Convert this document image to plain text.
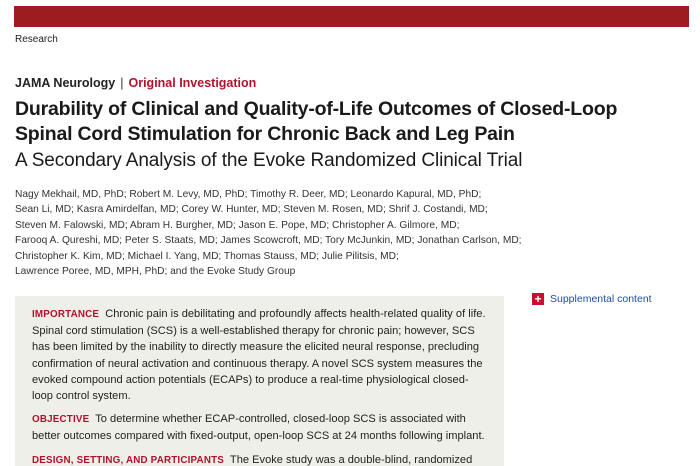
Research
JAMA Neurology | Original Investigation
Durability of Clinical and Quality-of-Life Outcomes of Closed-Loop
Spinal Cord Stimulation for Chronic Back and Leg Pain
A Secondary Analysis of the Evoke Randomized Clinical Trial
Nagy Mekhail, MD, PhD; Robert M. Levy, MD, PhD; Timothy R. Deer, MD; Leonardo Kapural, MD, PhD;
Sean Li, MD; Kasra Amirdelfan, MD; Corey W. Hunter, MD; Steven M. Rosen, MD; Shrif J. Costandi, MD;
Steven M. Falowski, MD; Abram H. Burgher, MD; Jason E. Pope, MD; Christopher A. Gilmore, MD;
Farooq A. Qureshi, MD; Peter S. Staats, MD; James Scowcroft, MD; Tory McJunkin, MD; Jonathan Carlson, MD;
Christopher K. Kim, MD; Michael I. Yang, MD; Thomas Stauss, MD; Julie Pilitsis, MD;
Lawrence Poree, MD, MPH, PhD; and the Evoke Study Group
+ Supplemental content

IMPORTANCE Chronic pain is debilitating and profoundly affects health-related quality of life. Spinal cord stimulation (SCS) is a well-established therapy for chronic pain; however, SCS has been limited by the inability to directly measure the elicited neural response, precluding confirmation of neural activation and continuous therapy. A novel SCS system measures the evoked compound action potentials (ECAPs) to produce a real-time physiological closed-loop control system.

OBJECTIVE To determine whether ECAP-controlled, closed-loop SCS is associated with better outcomes compared with fixed-output, open-loop SCS at 24 months following implant.

DESIGN, SETTING, AND PARTICIPANTS The Evoke study was a double-blind, randomized
